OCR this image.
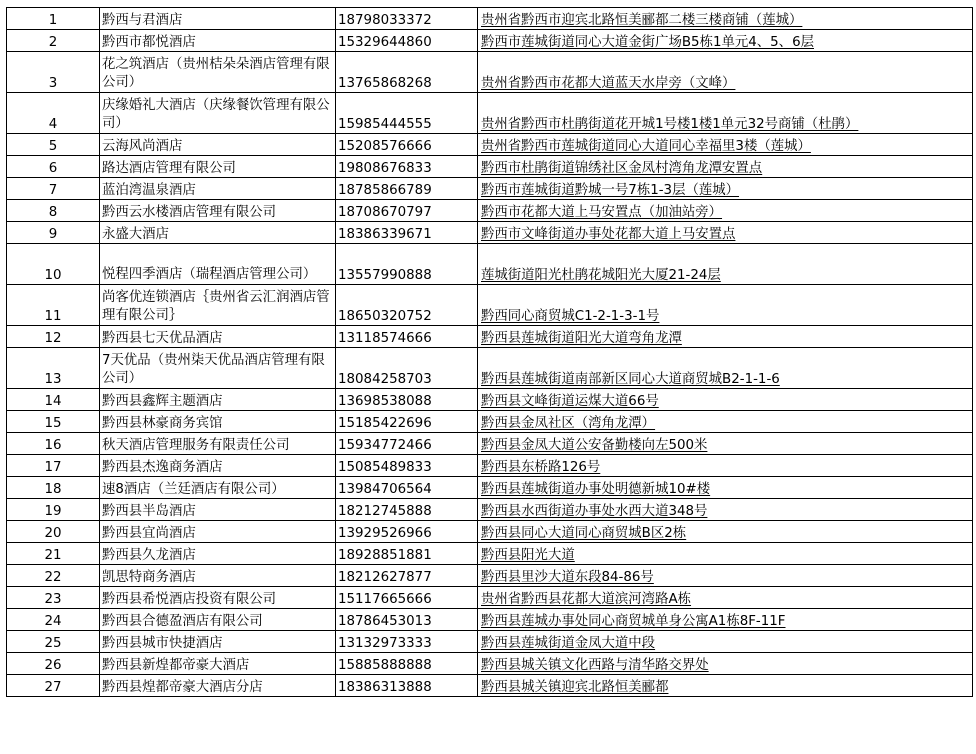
1	黔西与君酒店	18798033372	贵州省黔西市迎宾北路恒美郦都二楼三楼商铺（莲城）
2	黔西市都悦酒店	15329644860	黔西市莲城街道同心大道金街广场B5栋1单元4、5、6层
3	花之筑酒店（贵州桔朵朵酒店管理有限公司）	13765868268	贵州省黔西市花都大道蓝天水岸旁（文峰）
4	庆缘婚礼大酒店（庆缘餐饮管理有限公司）	15985444555	贵州省黔西市杜鹃街道花开城1号楼1楼1单元32号商铺（杜鹃）
5	云海风尚酒店	15208576666	贵州省黔西市莲城街道同心大道同心幸福里3楼（莲城）
6	路达酒店管理有限公司	19808676833	黔西市杜鹃街道锦绣社区金凤村湾角龙潭安置点
7	蓝泊湾温泉酒店	18785866789	黔西市莲城街道黔城一号7栋1-3层（莲城）
8	黔西云水楼酒店管理有限公司	18708670797	黔西市花都大道上马安置点（加油站旁）
9	永盛大酒店	18386339671	黔西市文峰街道办事处花都大道上马安置点
10	悦程四季酒店（瑞程酒店管理公司）	13557990888	莲城街道阳光杜鹃花城阳光大厦21-24层
11	尚客优连锁酒店｛贵州省云汇润酒店管理有限公司｝	18650320752	黔西同心商贸城C1-2-1-3-1号
12	黔西县七天优品酒店	13118574666	黔西县莲城街道阳光大道弯角龙潭
13	7天优品（贵州柒天优品酒店管理有限公司）	18084258703	黔西县莲城街道南部新区同心大道商贸城B2-1-1-6
14	黔西县鑫辉主题酒店	13698538088	黔西县文峰街道运煤大道66号
15	黔西县林豪商务宾馆	15185422696	黔西县金凤社区（湾角龙潭）
16	秋天酒店管理服务有限责任公司	15934772466	黔西县金凤大道公安备勤楼向左500米
17	黔西县杰逸商务酒店	15085489833	黔西县东桥路126号
18	速8酒店（兰廷酒店有限公司）	13984706564	黔西县莲城街道办事处明德新城10#楼
19	黔西县半岛酒店	18212745888	黔西县水西街道办事处水西大道348号
20	黔西县宜尚酒店	13929526966	黔西县同心大道同心商贸城B区2栋
21	黔西县久龙酒店	18928851881	黔西县阳光大道
22	凯思特商务酒店	18212627877	黔西县里沙大道东段84-86号
23	黔西县希悦酒店投资有限公司	15117665666	贵州省黔西县花都大道滨河湾路A栋
24	黔西县合德盈酒店有限公司	18786453013	黔西县莲城办事处同心商贸城单身公寓A1栋8F-11F
25	黔西县城市快捷酒店	13132973333	黔西县莲城街道金凤大道中段
26	黔西县新煌都帝豪大酒店	15885888888	黔西县城关镇文化西路与清华路交界处
27	黔西县煌都帝豪大酒店分店	18386313888	黔西县城关镇迎宾北路恒美郦都
